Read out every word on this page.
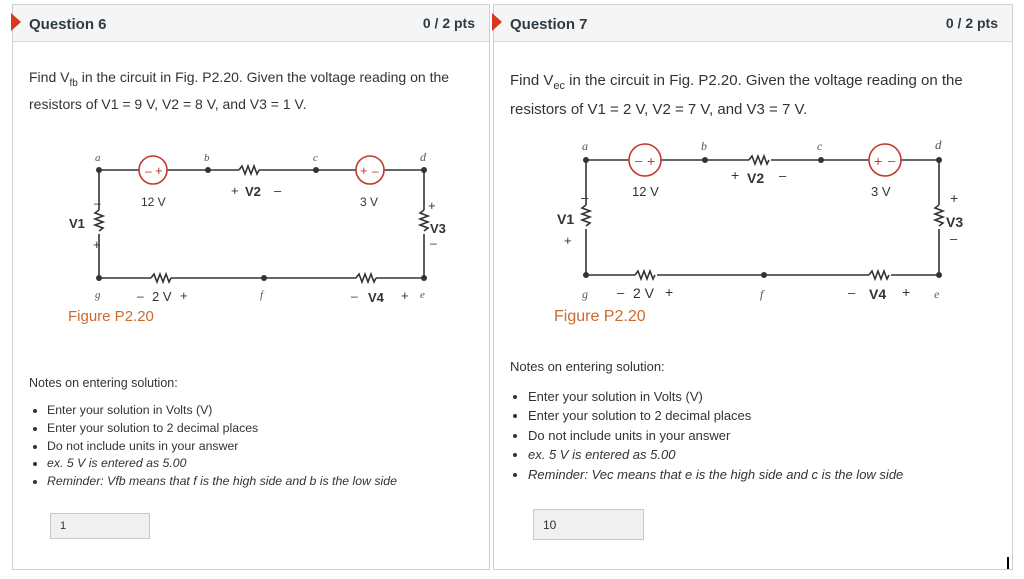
Question 6	0 / 2 pts
Find $V_{fb}$ in the circuit in Fig. P2.20. Given the voltage reading on the
resistors of V1 = 9 V, V2 = 8 V, and V3 = 1 V.
– +	+ –
a	b	c	d
e
f
g
12 V	3 V
+ V2 –
–
V1
+
+
V3
–
– 2 V +	– V4 +
Figure P2.20
Notes on entering solution:
• Enter your solution in Volts (V)
• Enter your solution to 2 decimal places
• Do not include units in your answer
• ex. 5 V is entered as 5.00
• Reminder: Vfb means that f is the high side and b is the low side
1
Question 7	0 / 2 pts
Find $V_{ec}$ in the circuit in Fig. P2.20. Given the voltage reading on the
resistors of V1 = 2 V, V2 = 7 V, and V3 = 7 V.
– +	+ –
a	b	c	d
e
f
g
12 V	3 V
+ V2 –
–
V1
+
+
V3
–
– 2 V +	– V4 +
Figure P2.20
Notes on entering solution:
• Enter your solution in Volts (V)
• Enter your solution to 2 decimal places
• Do not include units in your answer
• ex. 5 V is entered as 5.00
• Reminder: Vec means that e is the high side and c is the low side
10
